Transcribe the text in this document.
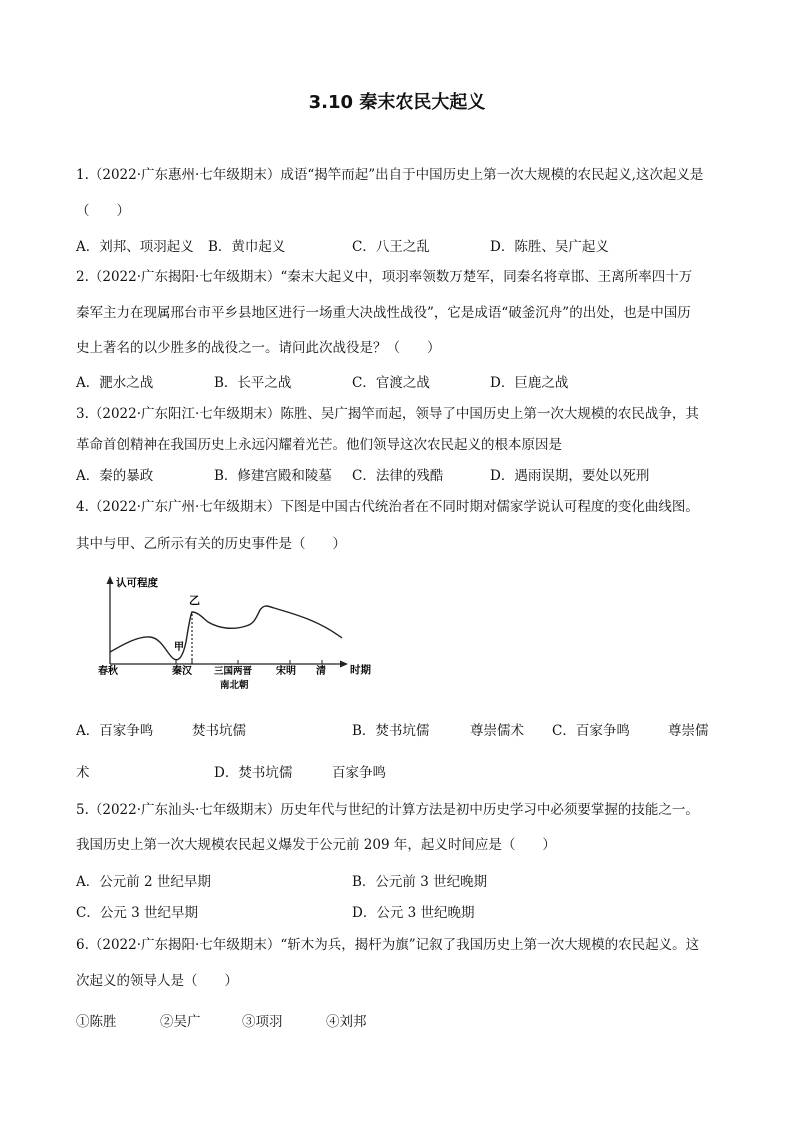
3.10 秦末农民大起义
1.（2022·广东惠州·七年级期末）成语“揭竿而起”出自于中国历史上第一次大规模的农民起义,这次起义是
（　　）
A．刘邦、项羽起义 B．黄巾起义	C．八王之乱	D．陈胜、吴广起义
2.（2022·广东揭阳·七年级期末）“秦末大起义中，项羽率领数万楚军，同秦名将章邯、王离所率四十万
秦军主力在现属邢台市平乡县地区进行一场重大决战性战役”，它是成语“破釜沉舟”的出处，也是中国历
史上著名的以少胜多的战役之一。请问此次战役是？（　　）
A．淝水之战	B．长平之战	C．官渡之战	D．巨鹿之战
3.（2022·广东阳江·七年级期末）陈胜、吴广揭竿而起，领导了中国历史上第一次大规模的农民战争，其
革命首创精神在我国历史上永远闪耀着光芒。他们领导这次农民起义的根本原因是
A．秦的暴政	B．修建宫殿和陵墓 C．法律的残酷	D．遇雨误期，要处以死刑
4.（2022·广东广州·七年级期末）下图是中国古代统治者在不同时期对儒家学说认可程度的变化曲线图。
其中与甲、乙所示有关的历史事件是（　　）
认可程度
时期
乙
甲
春秋	秦汉 三国两晋
南北朝
宋明 清
A．百家争鸣	焚书坑儒	B．焚书坑儒	尊崇儒术 C．百家争鸣	尊崇儒
术	D．焚书坑儒	百家争鸣
5.（2022·广东汕头·七年级期末）历史年代与世纪的计算方法是初中历史学习中必须要掌握的技能之一。
我国历史上第一次大规模农民起义爆发于公元前 209 年，起义时间应是（　　）
A．公元前 2 世纪早期	B．公元前 3 世纪晚期
C．公元 3 世纪早期	D．公元 3 世纪晚期
6.（2022·广东揭阳·七年级期末）“斩木为兵，揭杆为旗”记叙了我国历史上第一次大规模的农民起义。这
次起义的领导人是（　　）
①陈胜	②吴广	③项羽	④刘邦
